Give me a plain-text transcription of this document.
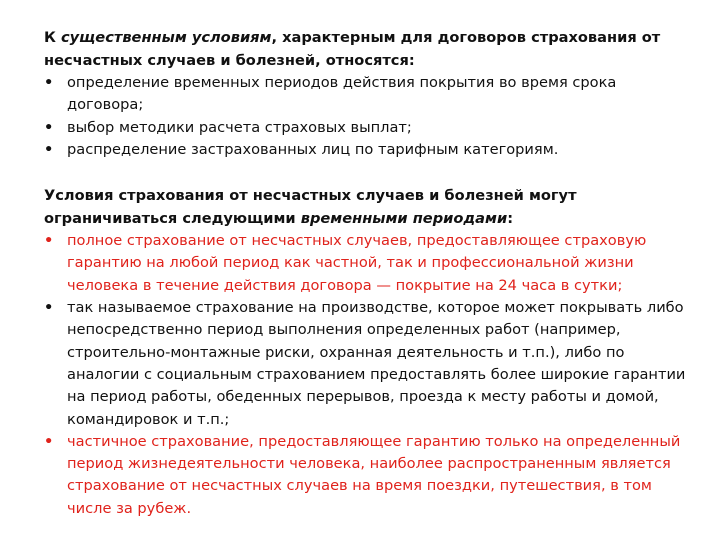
К существенным условиям, характерным для договоров страхования от несчастных случаев и болезней, относятся:

• определение временных периодов действия покрытия во время срока договора;
• выбор методики расчета страховых выплат;
• распределение застрахованных лиц по тарифным категориям.

Условия страхования от несчастных случаев и болезней могут ограничиваться следующими временными периодами:

• полное страхование от несчастных случаев, предоставляющее страховую гарантию на любой период как частной, так и профессиональной жизни человека в течение действия договора — покрытие на 24 часа в сутки;
• так называемое страхование на производстве, которое может покрывать либо непосредственно период выполнения определенных работ (например, строительно-монтажные риски, охранная деятельность и т.п.), либо по аналогии с социальным страхованием предоставлять более широкие гарантии на период работы, обеденных перерывов, проезда к месту работы и домой, командировок и т.п.;
• частичное страхование, предоставляющее гарантию только на определенный период жизнедеятельности человека, наиболее распространенным является страхование от несчастных случаев на время поездки, путешествия, в том числе за рубеж.
